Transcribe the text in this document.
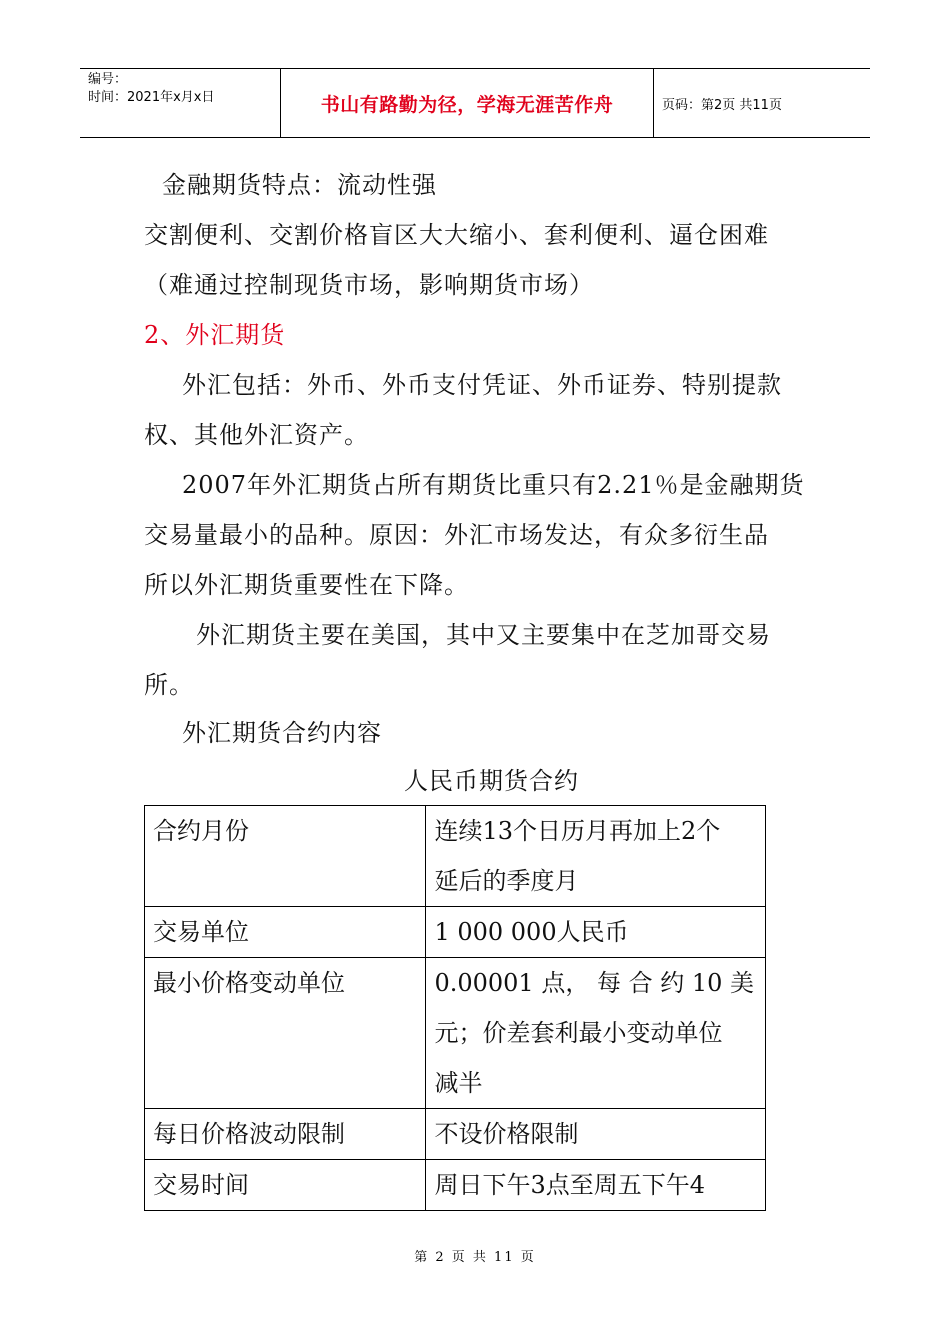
编号：
时间：2021年x月x日	书山有路勤为径，学海无涯苦作舟	页码：第2页 共11页
金融期货特点：流动性强
交割便利、交割价格盲区大大缩小、套利便利、逼仓困难
（难通过控制现货市场，影响期货市场）
2、外汇期货
外汇包括：外币、外币支付凭证、外币证券、特别提款
权、其他外汇资产。
2007年外汇期货占所有期货比重只有2.21％是金融期货
交易量最小的品种。原因：外汇市场发达，有众多衍生品
所以外汇期货重要性在下降。
外汇期货主要在美国，其中又主要集中在芝加哥交易
所。
外汇期货合约内容
人民币期货合约
合约月份	连续13个日历月再加上2个
延后的季度月

交易单位	1 000 000人民币

最小价格变动单位	0.00001 点， 每 合 约 10 美
元；价差套利最小变动单位
减半

每日价格波动限制	不设价格限制

交易时间	周日下午3点至周五下午4
第 2 页 共 11 页
